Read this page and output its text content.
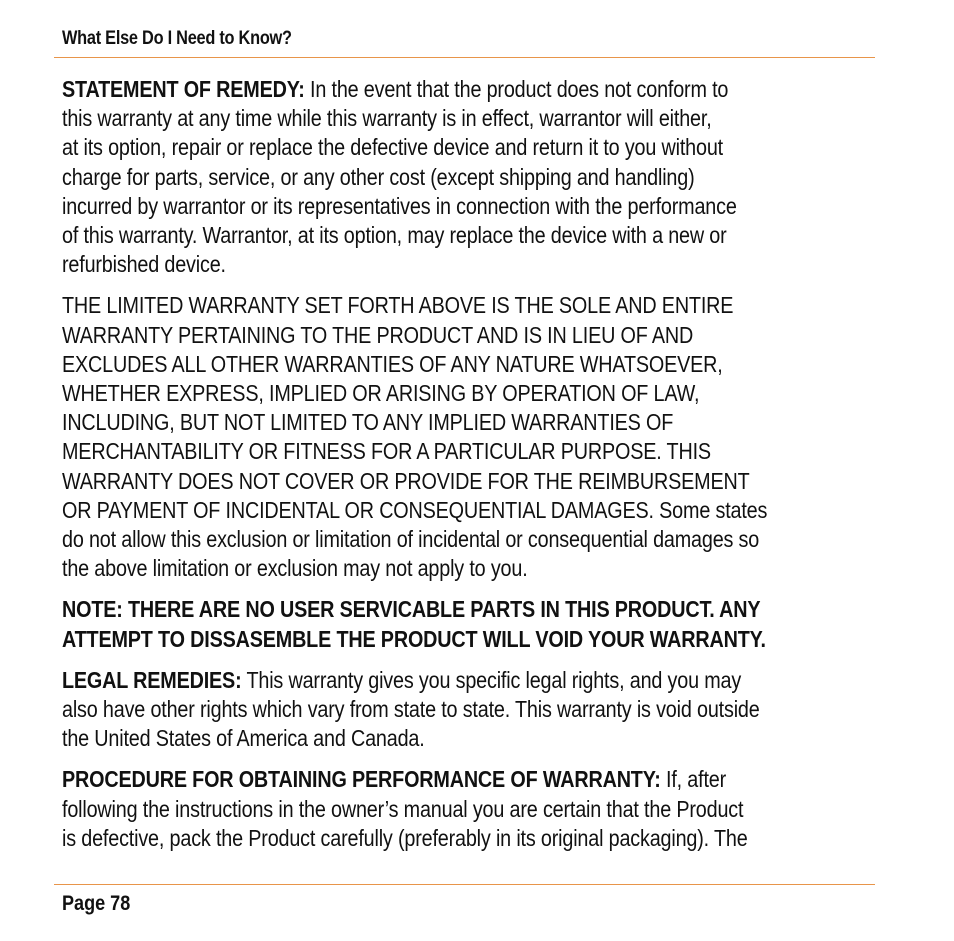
What Else Do I Need to Know?

STATEMENT OF REMEDY: In the event that the product does not conform to
this warranty at any time while this warranty is in effect, warrantor will either,
at its option, repair or replace the defective device and return it to you without
charge for parts, service, or any other cost (except shipping and handling)
incurred by warrantor or its representatives in connection with the performance
of this warranty. Warrantor, at its option, may replace the device with a new or
refurbished device.

THE LIMITED WARRANTY SET FORTH ABOVE IS THE SOLE AND ENTIRE
WARRANTY PERTAINING TO THE PRODUCT AND IS IN LIEU OF AND
EXCLUDES ALL OTHER WARRANTIES OF ANY NATURE WHATSOEVER,
WHETHER EXPRESS, IMPLIED OR ARISING BY OPERATION OF LAW,
INCLUDING, BUT NOT LIMITED TO ANY IMPLIED WARRANTIES OF
MERCHANTABILITY OR FITNESS FOR A PARTICULAR PURPOSE. THIS
WARRANTY DOES NOT COVER OR PROVIDE FOR THE REIMBURSEMENT
OR PAYMENT OF INCIDENTAL OR CONSEQUENTIAL DAMAGES. Some states
do not allow this exclusion or limitation of incidental or consequential damages so
the above limitation or exclusion may not apply to you.

NOTE: THERE ARE NO USER SERVICABLE PARTS IN THIS PRODUCT. ANY
ATTEMPT TO DISSASEMBLE THE PRODUCT WILL VOID YOUR WARRANTY.

LEGAL REMEDIES: This warranty gives you specific legal rights, and you may
also have other rights which vary from state to state. This warranty is void outside
the United States of America and Canada.

PROCEDURE FOR OBTAINING PERFORMANCE OF WARRANTY: If, after
following the instructions in the owner’s manual you are certain that the Product
is defective, pack the Product carefully (preferably in its original packaging). The

Page 78
